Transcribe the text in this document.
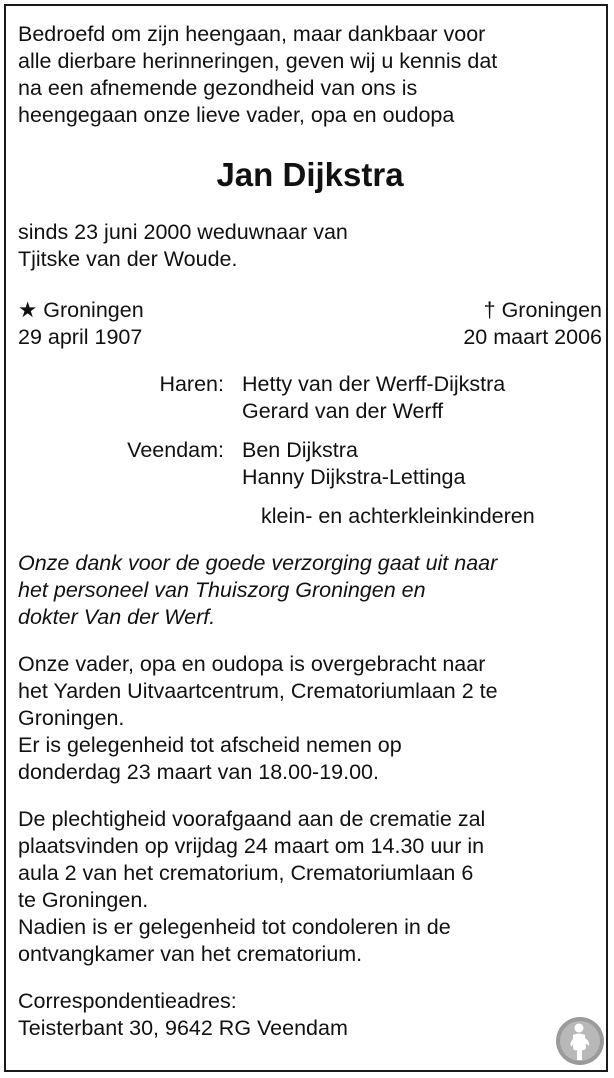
Bedroefd om zijn heengaan, maar dankbaar voor
alle dierbare herinneringen, geven wij u kennis dat
na een afnemende gezondheid van ons is
heengegaan onze lieve vader, opa en oudopa

Jan Dijkstra

sinds 23 juni 2000 weduwnaar van
Tjitske van der Woude.

★ Groningen
29 april 1907
† Groningen
20 maart 2006
Haren: Hetty van der Werff-Dijkstra
Gerard van der Werff
Veendam: Ben Dijkstra
Hanny Dijkstra-Lettinga
klein- en achterkleinkinderen

Onze dank voor de goede verzorging gaat uit naar
het personeel van Thuiszorg Groningen en
dokter Van der Werf.

Onze vader, opa en oudopa is overgebracht naar
het Yarden Uitvaartcentrum, Crematoriumlaan 2 te
Groningen.
Er is gelegenheid tot afscheid nemen op
donderdag 23 maart van 18.00-19.00.

De plechtigheid voorafgaand aan de crematie zal
plaatsvinden op vrijdag 24 maart om 14.30 uur in
aula 2 van het crematorium, Crematoriumlaan 6
te Groningen.
Nadien is er gelegenheid tot condoleren in de
ontvangkamer van het crematorium.

Correspondentieadres:
Teisterbant 30, 9642 RG Veendam
